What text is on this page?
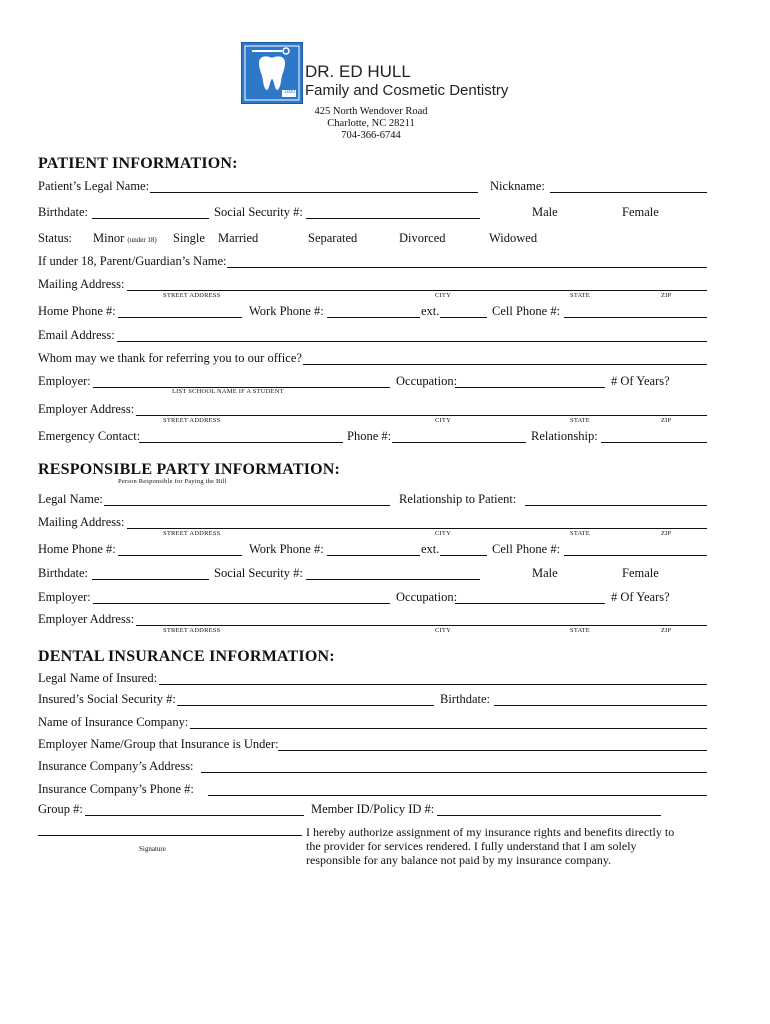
1000
DR. ED HULL
Family and Cosmetic Dentistry
425 North Wendover Road
Charlotte, NC 28211
704-366-6744
PATIENT INFORMATION:
Patient’s Legal Name:	Nickname:
Birthdate:	Social Security #:	Male	Female
Status: Minor (under 18) Single Married	Separated	Divorced	Widowed
If under 18, Parent/Guardian’s Name:
Mailing Address:
STREET ADDRESS	CITY	STATE	ZIP
Home Phone #:	Work Phone #:	ext.	Cell Phone #:
Email Address:
Whom may we thank for referring you to our office?
Employer:
LIST SCHOOL NAME IF A STUDENT
Occupation:	# Of Years?
Employer Address:
STREET ADDRESS	CITY	STATE	ZIP
Emergency Contact:	Phone #:	Relationship:
RESPONSIBLE PARTY INFORMATION:
Person Responsible for Paying the Bill
Legal Name:	Relationship to Patient:
Mailing Address:
STREET ADDRESS	CITY	STATE	ZIP
Home Phone #:	Work Phone #:	ext.	Cell Phone #:
Birthdate:	Social Security #:	Male	Female
Employer:	Occupation:	# Of Years?
Employer Address:
STREET ADDRESS	CITY	STATE	ZIP
DENTAL INSURANCE INFORMATION:
Legal Name of Insured:
Insured’s Social Security #:	Birthdate:
Name of Insurance Company:
Employer Name/Group that Insurance is Under:
Insurance Company’s Address:
Insurance Company’s Phone #:
Group #:	Member ID/Policy ID #:
Signature
I hereby authorize assignment of my insurance rights and benefits directly to the provider for services rendered. I fully understand that I am solely responsible for any balance not paid by my insurance company.
